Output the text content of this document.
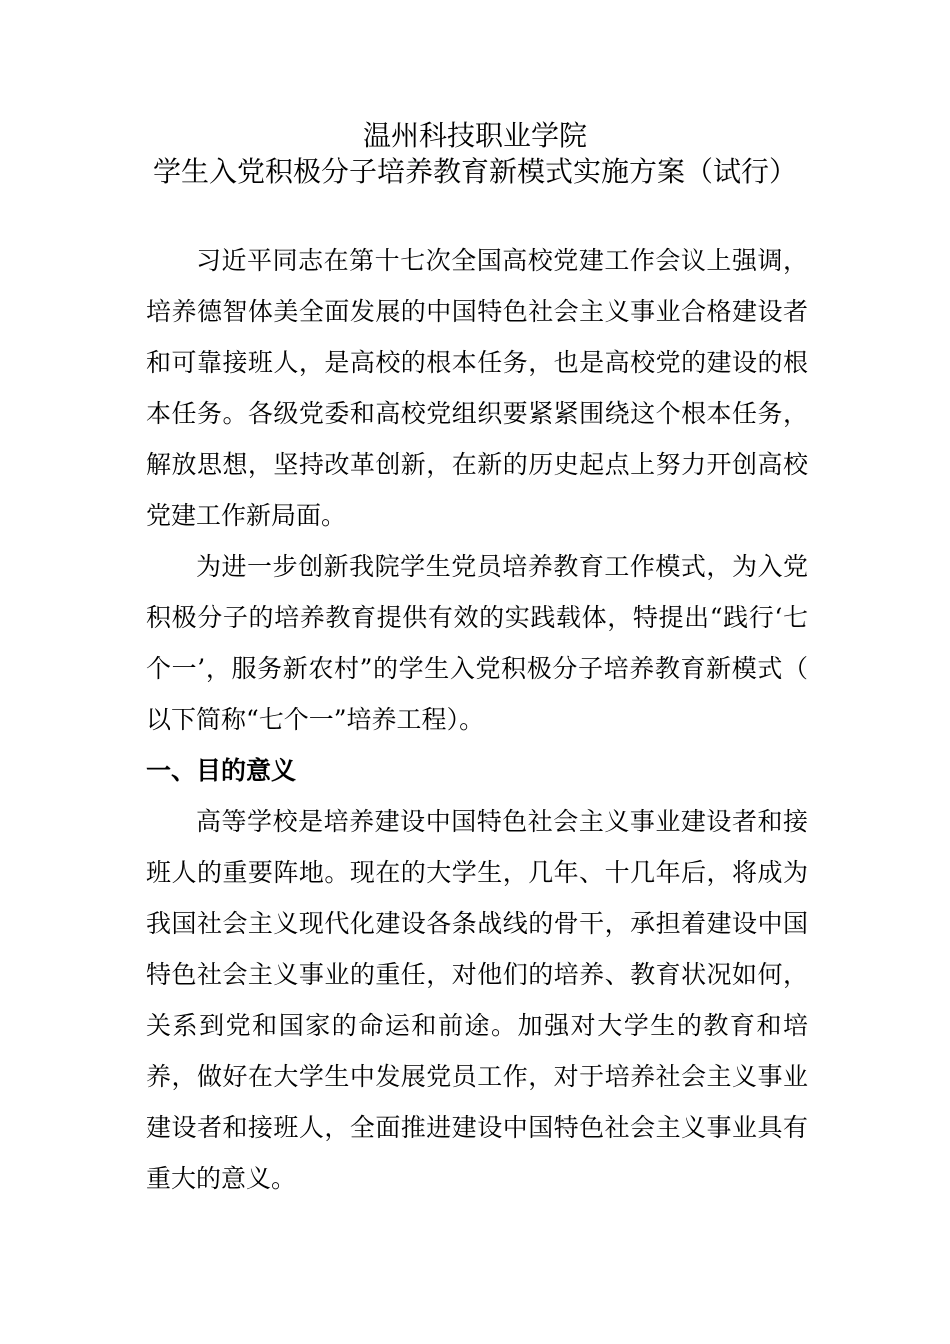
温州科技职业学院
学生入党积极分子培养教育新模式实施方案（试行）

习近平同志在第十七次全国高校党建工作会议上强调，培养德智体美全面发展的中国特色社会主义事业合格建设者和可靠接班人，是高校的根本任务，也是高校党的建设的根本任务。各级党委和高校党组织要紧紧围绕这个根本任务，解放思想，坚持改革创新，在新的历史起点上努力开创高校党建工作新局面。

为进一步创新我院学生党员培养教育工作模式，为入党积极分子的培养教育提供有效的实践载体，特提出“践行‘七个一’，服务新农村”的学生入党积极分子培养教育新模式（ 以下简称“七个一”培养工程）。

一、目的意义

高等学校是培养建设中国特色社会主义事业建设者和接班人的重要阵地。现在的大学生，几年、十几年后，将成为我国社会主义现代化建设各条战线的骨干，承担着建设中国特色社会主义事业的重任，对他们的培养、教育状况如何，关系到党和国家的命运和前途。加强对大学生的教育和培养，做好在大学生中发展党员工作，对于培养社会主义事业建设者和接班人，全面推进建设中国特色社会主义事业具有重大的意义。
